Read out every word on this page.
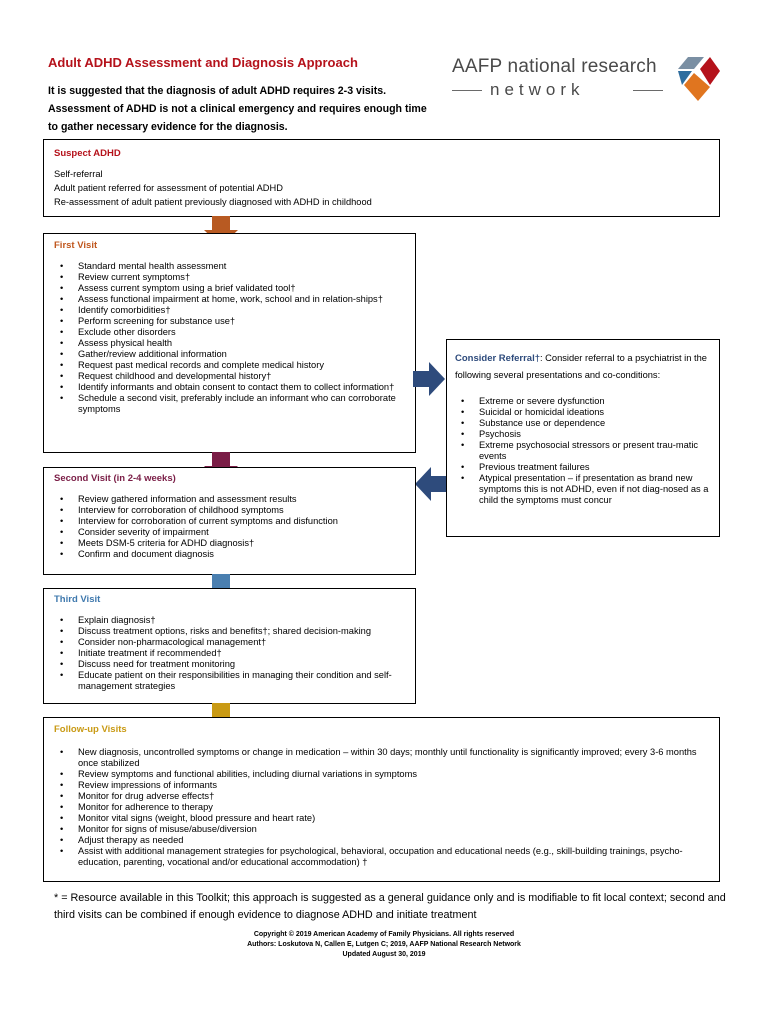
Adult ADHD Assessment and Diagnosis Approach
It is suggested that the diagnosis of adult ADHD requires 2-3 visits.
Assessment of ADHD is not a clinical emergency and requires enough time
to gather necessary evidence for the diagnosis.
AAFP national research
network
Suspect ADHD
Self-referral
Adult patient referred for assessment of potential ADHD
Re-assessment of adult patient previously diagnosed with ADHD in childhood
First Visit
• Standard mental health assessment
• Review current symptoms†
• Assess current symptom using a brief validated tool†
• Assess functional impairment at home, work, school and in relation-ships†
• Identify comorbidities†
• Perform screening for substance use†
• Exclude other disorders
• Assess physical health
• Gather/review additional information
• Request past medical records and complete medical history
• Request childhood and developmental history†
• Identify informants and obtain consent to contact them to collect information†
• Schedule a second visit, preferably include an informant who can corroborate symptoms
Consider Referral†: Consider referral to a psychiatrist in the following several presentations and co-conditions:
• Extreme or severe dysfunction
• Suicidal or homicidal ideations
• Substance use or dependence
• Psychosis
• Extreme psychosocial stressors or present trau-matic events
• Previous treatment failures
• Atypical presentation – if presentation as brand new symptoms this is not ADHD, even if not diag-nosed as a child the symptoms must concur
Second Visit (in 2-4 weeks)
• Review gathered information and assessment results
• Interview for corroboration of childhood symptoms
• Interview for corroboration of current symptoms and disfunction
• Consider severity of impairment
• Meets DSM-5 criteria for ADHD diagnosis†
• Confirm and document diagnosis
Third Visit
• Explain diagnosis†
• Discuss treatment options, risks and benefits†; shared decision-making
• Consider non-pharmacological management†
• Initiate treatment if recommended†
• Discuss need for treatment monitoring
• Educate patient on their responsibilities in managing their condition and self-management strategies
Follow-up Visits
• New diagnosis, uncontrolled symptoms or change in medication – within 30 days; monthly until functionality is significantly improved; every 3-6 months once stabilized
• Review symptoms and functional abilities, including diurnal variations in symptoms
• Review impressions of informants
• Monitor for drug adverse effects†
• Monitor for adherence to therapy
• Monitor vital signs (weight, blood pressure and heart rate)
• Monitor for signs of misuse/abuse/diversion
• Adjust therapy as needed
• Assist with additional management strategies for psychological, behavioral, occupation and educational needs (e.g., skill-building trainings, psycho-education, parenting, vocational and/or educational accommodation) †
* = Resource available in this Toolkit; this approach is suggested as a general guidance only and is modifiable to fit local context; second and third visits can be combined if enough evidence to diagnose ADHD and initiate treatment
Copyright © 2019 American Academy of Family Physicians. All rights reserved
Authors: Loskutova N, Callen E, Lutgen C; 2019, AAFP National Research Network
Updated August 30, 2019
